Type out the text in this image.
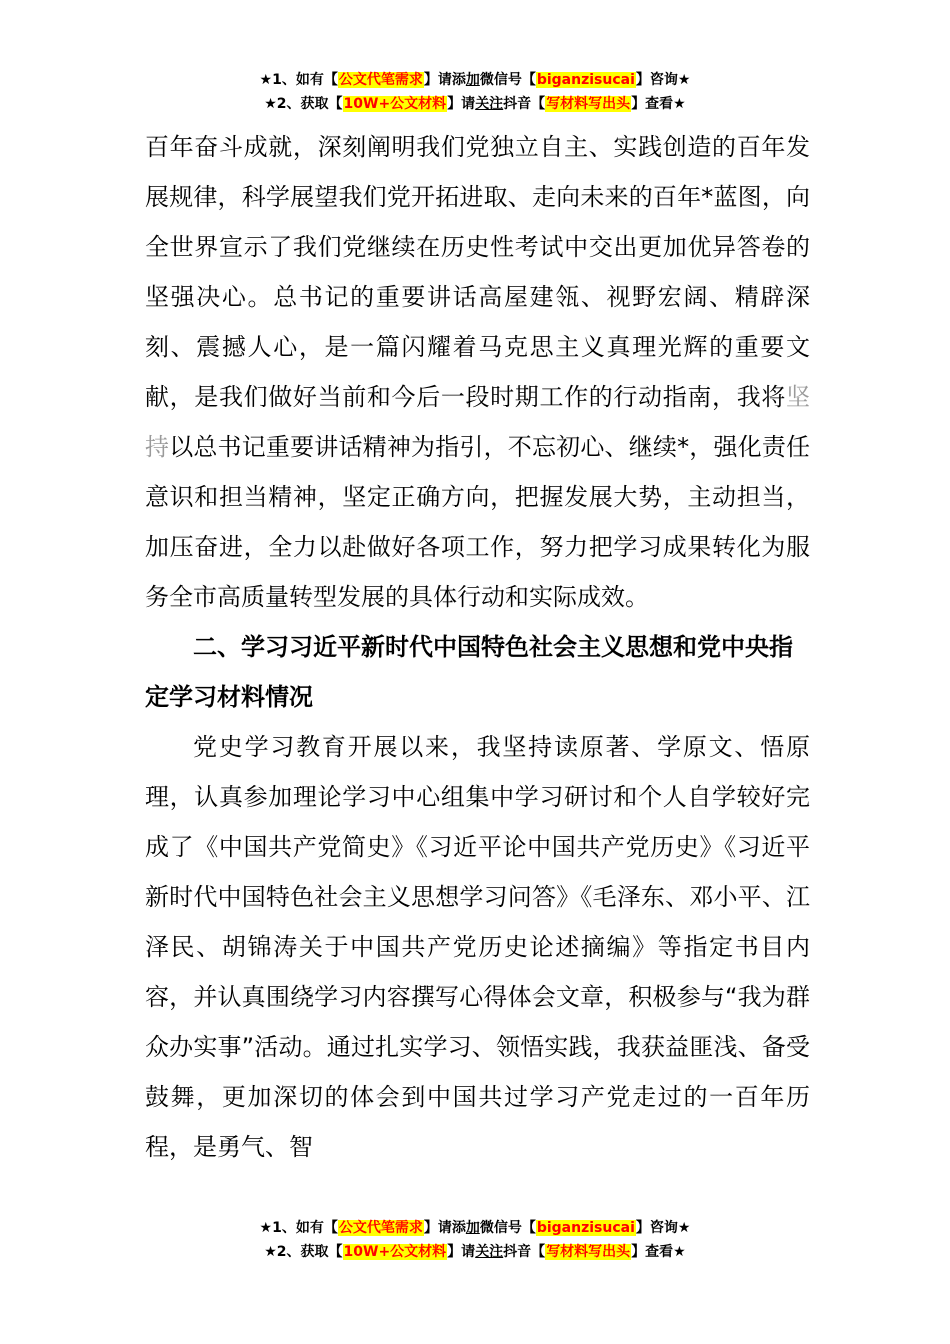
★1、如有【公文代笔需求】请添加微信号【biganzisucai】咨询★
★2、获取【10W+公文材料】请关注抖音【写材料写出头】查看★

百年奋斗成就，深刻阐明我们党独立自主、实践创造的百年发展规律，科学展望我们党开拓进取、走向未来的百年*蓝图，向全世界宣示了我们党继续在历史性考试中交出更加优异答卷的坚强决心。总书记的重要讲话高屋建瓴、视野宏阔、精辟深刻、震撼人心，是一篇闪耀着马克思主义真理光辉的重要文献，是我们做好当前和今后一段时期工作的行动指南，我将坚持以总书记重要讲话精神为指引，不忘初心、继续*，强化责任意识和担当精神，坚定正确方向，把握发展大势，主动担当，加压奋进，全力以赴做好各项工作，努力把学习成果转化为服务全市高质量转型发展的具体行动和实际成效。

二、学习习近平新时代中国特色社会主义思想和党中央指定学习材料情况

党史学习教育开展以来，我坚持读原著、学原文、悟原理，认真参加理论学习中心组集中学习研讨和个人自学较好完成了《中国共产党简史》《习近平论中国共产党历史》《习近平新时代中国特色社会主义思想学习问答》《毛泽东、邓小平、江泽民、胡锦涛关于中国共产党历史论述摘编》等指定书目内容，并认真围绕学习内容撰写心得体会文章，积极参与“我为群众办实事”活动。通过扎实学习、领悟实践，我获益匪浅、备受鼓舞，更加深切的体会到中国共过学习产党走过的一百年历程，是勇气、智

★1、如有【公文代笔需求】请添加微信号【biganzisucai】咨询★
★2、获取【10W+公文材料】请关注抖音【写材料写出头】查看★
